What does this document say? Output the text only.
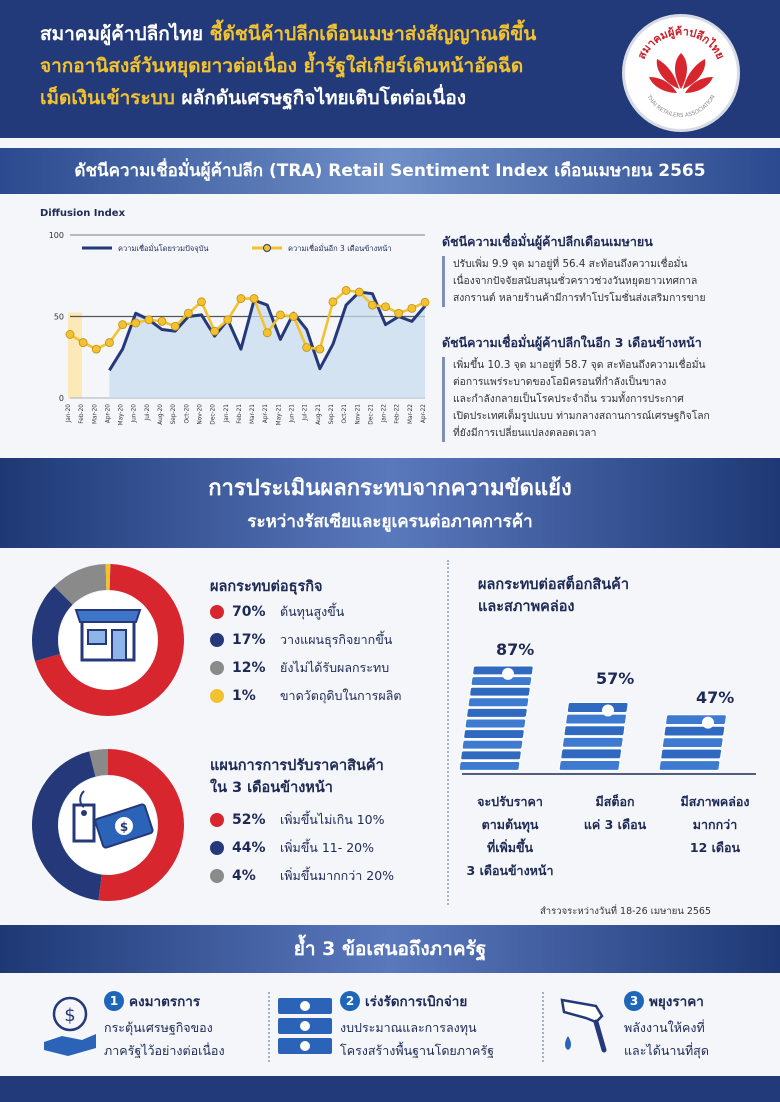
สมาคมผู้ค้าปลีกไทย ชี้ดัชนีค้าปลีกเดือนเมษาส่งสัญญาณดีขึ้น
จากอานิสงส์วันหยุดยาวต่อเนื่อง ย้ำรัฐใส่เกียร์เดินหน้าอัดฉีด
เม็ดเงินเข้าระบบ ผลักดันเศรษฐกิจไทยเติบโตต่อเนื่อง
สมาคมผู้ค้าปลีกไทย
THAI RETAILERS ASSOCIATION
ดัชนีความเชื่อมั่นผู้ค้าปลีก (TRA) Retail Sentiment Index เดือนเมษายน 2565
Diffusion Index
ความเชื่อมั่นโดยรวมปัจจุบัน	ความเชื่อมั่นอีก 3 เดือนข้างหน้า
Jan-20 Feb-20 Mar-20 Apr-20 May-20 Jun-20 Jul-20 Aug-20 Sep-20 Oct-20 Nov-20 Dec-20 Jan-21 Feb-21 Mar-21 Apr-21 May-21 Jun-21 Jul-21 Aug-21 Sep-21 Oct-21 Nov-21 Dec-21 Jan-22 Feb-22 Mar-22 Apr-22
0
50
100	ดัชนีความเชื่อมั่นผู้ค้าปลีกเดือนเมษายน

ปรับเพิ่ม 9.9 จุด มาอยู่ที่ 56.4 สะท้อนถึงความเชื่อมั่น
เนื่องจากปัจจัยสนับสนุนชั่วคราวช่วงวันหยุดยาวเทศกาล
สงกรานต์ หลายร้านค้ามีการทำโปรโมชั่นส่งเสริมการขาย

ดัชนีความเชื่อมั่นผู้ค้าปลีกในอีก 3 เดือนข้างหน้า

เพิ่มขึ้น 10.3 จุด มาอยู่ที่ 58.7 จุด สะท้อนถึงความเชื่อมั่น
ต่อการแพร่ระบาดของโอมิครอนที่กำลังเป็นขาลง
และกำลังกลายเป็นโรคประจำถิ่น รวมทั้งการประกาศ
เปิดประเทศเต็มรูปแบบ ท่ามกลางสถานการณ์เศรษฐกิจโลก
ที่ยังมีการเปลี่ยนแปลงตลอดเวลา

การประเมินผลกระทบจากความขัดแย้ง
ระหว่างรัสเซียและยูเครนต่อภาคการค้า
ผลกระทบต่อธุรกิจ
70%	ต้นทุนสูงขึ้น
17%	วางแผนธุรกิจยากขึ้น
12%	ยังไม่ได้รับผลกระทบ
1%	ขาดวัตถุดิบในการผลิต
$
แผนการการปรับราคาสินค้า
ใน 3 เดือนข้างหน้า
52%	เพิ่มขึ้นไม่เกิน 10%
44%	เพิ่มขึ้น 11- 20%
4%	เพิ่มขึ้นมากกว่า 20%
ผลกระทบต่อสต็อกสินค้า
และสภาพคล่อง
87%
57%
47%
จะปรับราคา
ตามต้นทุน
ที่เพิ่มขึ้น
3 เดือนข้างหน้า
มีสต็อก
แค่ 3 เดือน
มีสภาพคล่อง
มากกว่า
12 เดือน
สำรวจระหว่างวันที่ 18-26 เมษายน 2565
ย้ำ 3 ข้อเสนอถึงภาครัฐ
$
1 คงมาตรการ
กระตุ้นเศรษฐกิจของ
ภาครัฐไว้อย่างต่อเนื่อง
2 เร่งรัดการเบิกจ่าย
งบประมาณและการลงทุน
โครงสร้างพื้นฐานโดยภาครัฐ
3 พยุงราคา
พลังงานให้คงที่
และได้นานที่สุด
